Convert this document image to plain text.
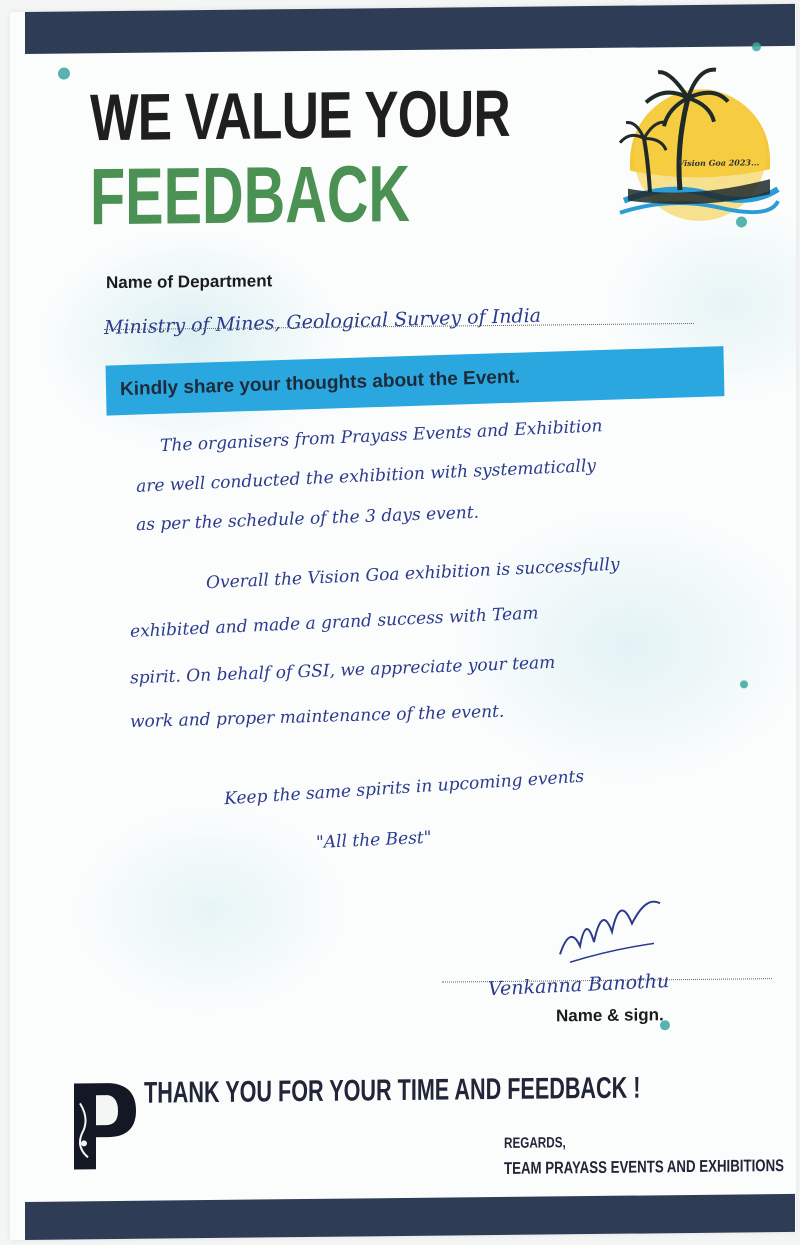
WE VALUE YOUR
FEEDBACK	Vision Goa 2023...
Name of Department
Ministry of Mines, Geological Survey of India
Kindly share your thoughts about the Event.
The organisers from Prayass Events and Exhibition
are well conducted the exhibition with systematically
as per the schedule of the 3 days event.
Overall the Vision Goa exhibition is successfully
exhibited and made a grand success with Team
spirit. On behalf of GSI, we appreciate your team
work and proper maintenance of the event.
Keep the same spirits in upcoming events
"All the Best"
Venkanna Banothu
Name & sign.
THANK YOU FOR YOUR TIME AND FEEDBACK !
REGARDS,
TEAM PRAYASS EVENTS AND EXHIBITIONS
